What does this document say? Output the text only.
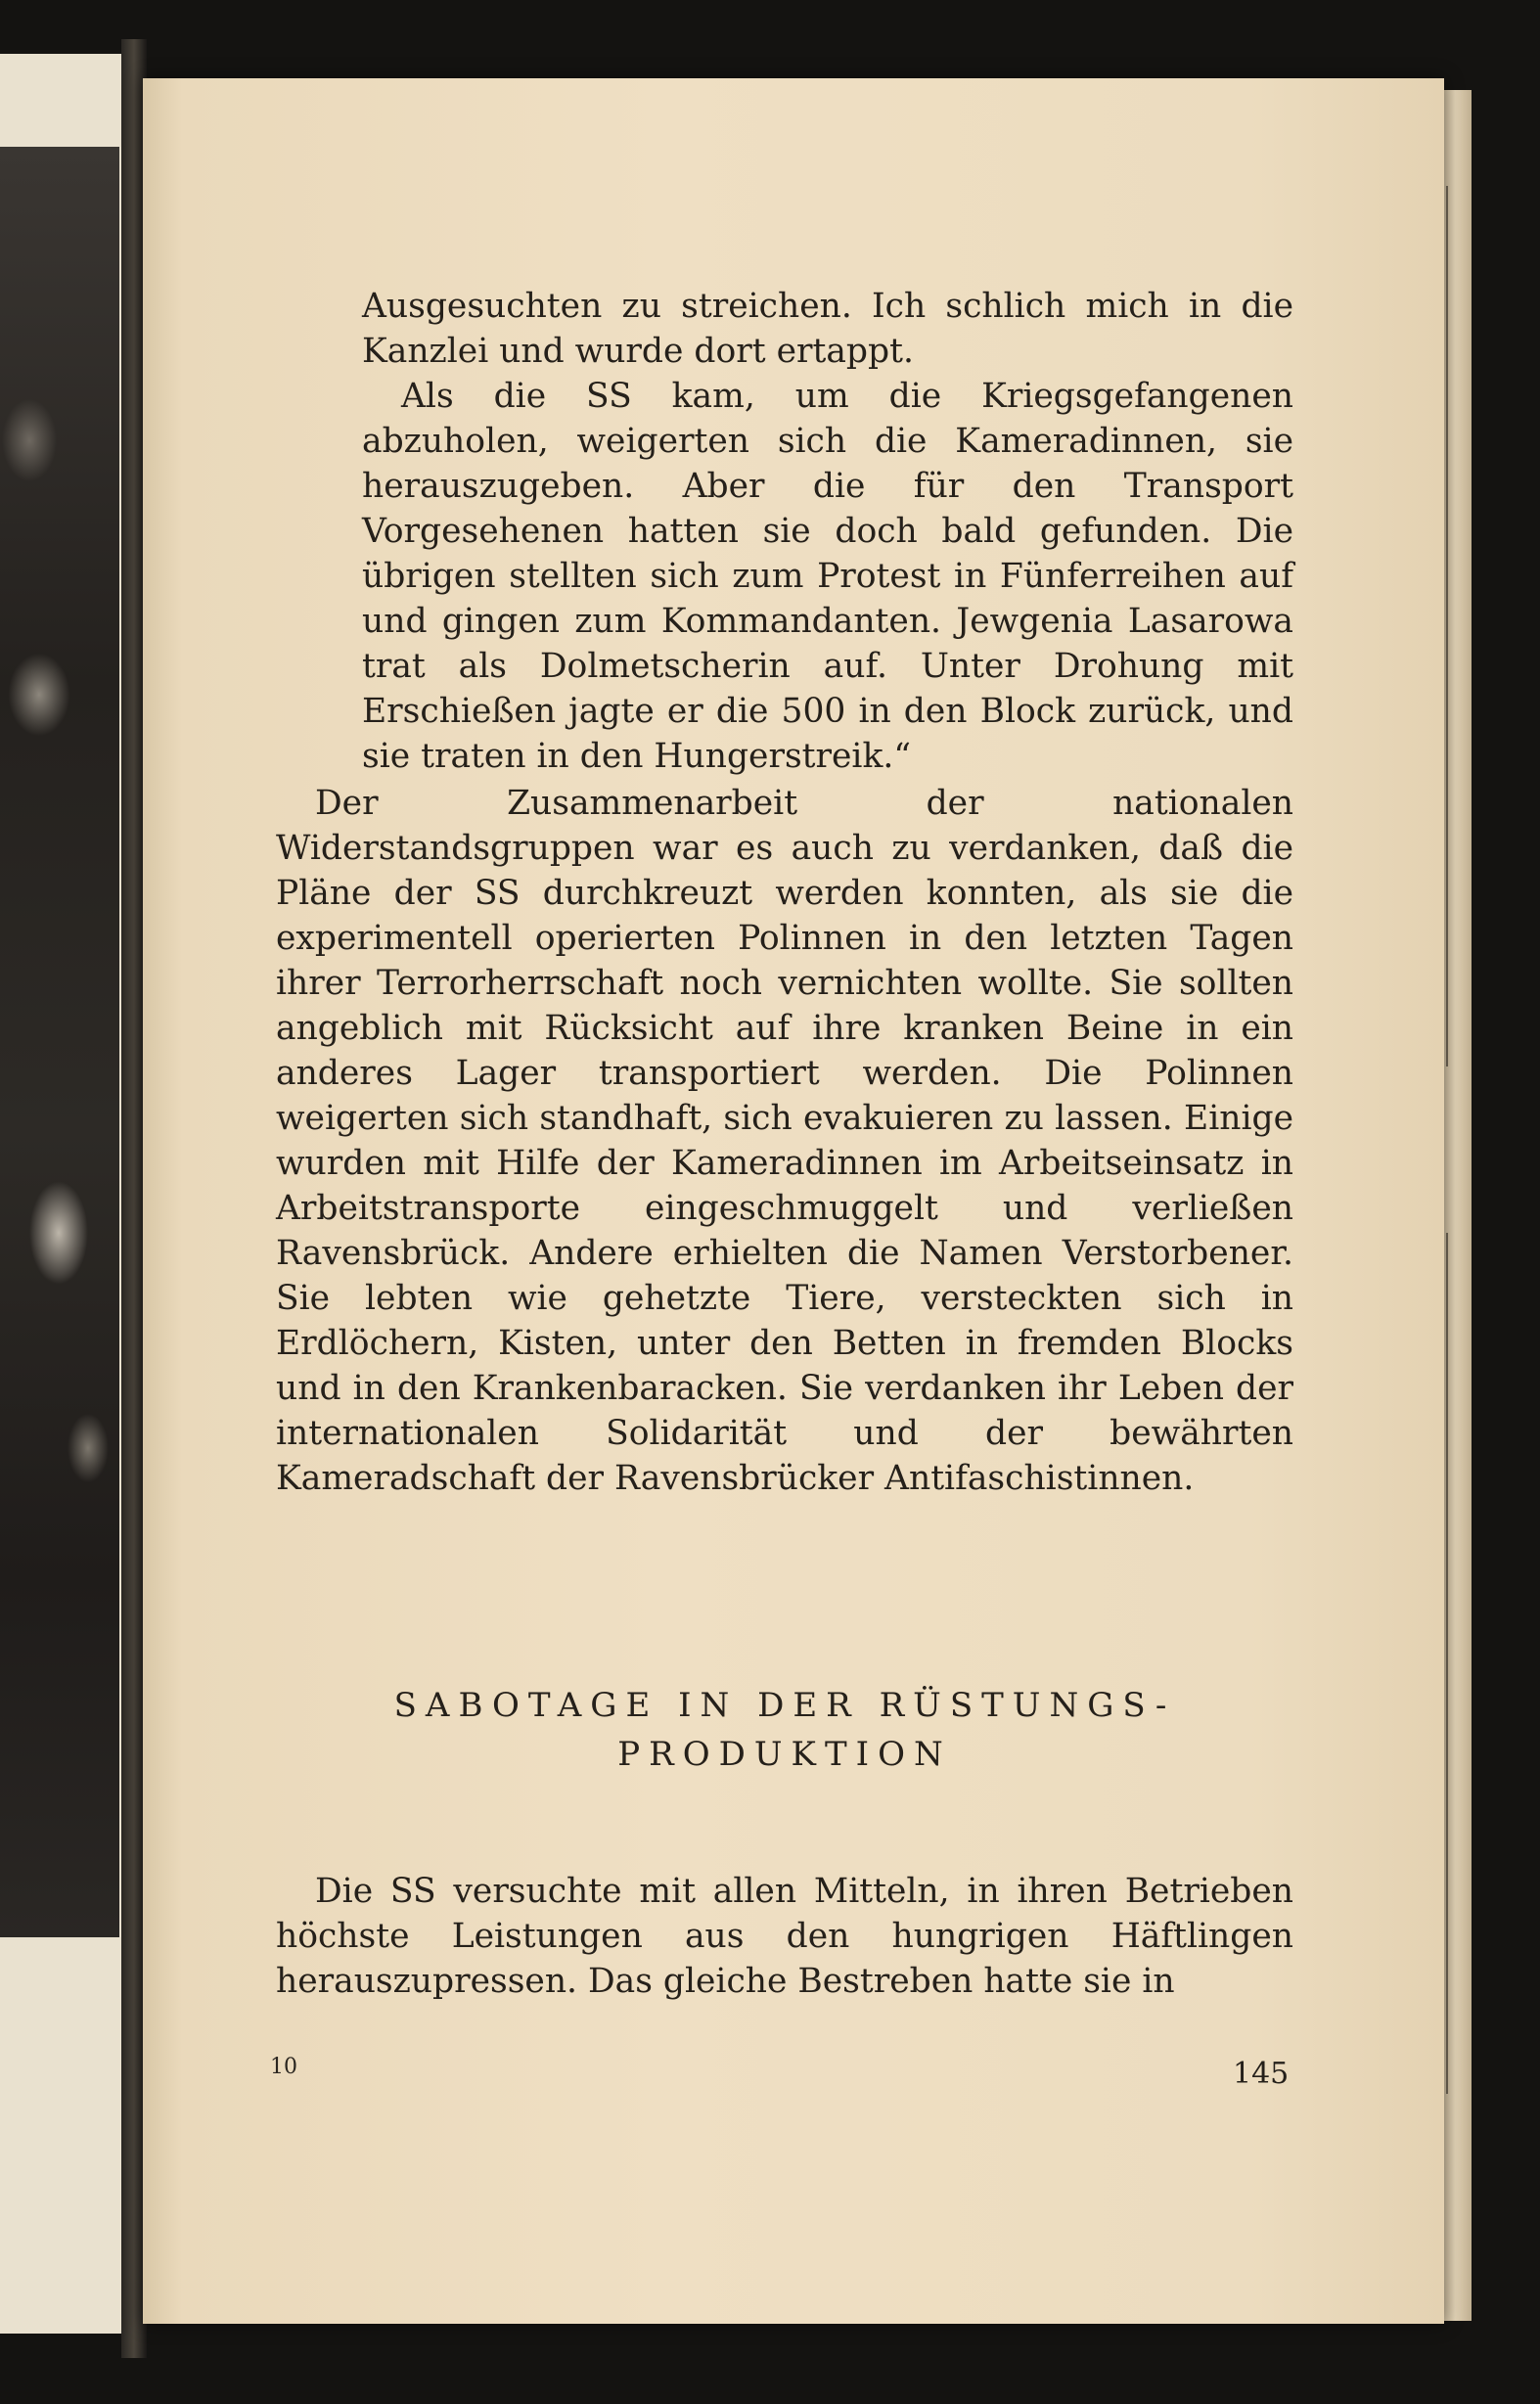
Ausgesuchten zu streichen. Ich schlich mich in die Kanzlei und wurde dort ertappt.

Als die SS kam, um die Kriegsgefangenen abzuholen, weigerten sich die Kameradinnen, sie herauszugeben. Aber die für den Transport Vorgesehenen hatten sie doch bald gefunden. Die übrigen stellten sich zum Protest in Fünferreihen auf und gingen zum Kommandanten. Jewgenia Lasarowa trat als Dolmetscherin auf. Unter Drohung mit Erschießen jagte er die 500 in den Block zurück, und sie traten in den Hungerstreik.“

Der Zusammenarbeit der nationalen Widerstandsgruppen war es auch zu verdanken, daß die Pläne der SS durchkreuzt werden konnten, als sie die experimentell operierten Polinnen in den letzten Tagen ihrer Terrorherrschaft noch vernichten wollte. Sie sollten angeblich mit Rücksicht auf ihre kranken Beine in ein anderes Lager transportiert werden. Die Polinnen weigerten sich standhaft, sich evakuieren zu lassen. Einige wurden mit Hilfe der Kameradinnen im Arbeitseinsatz in Arbeitstransporte eingeschmuggelt und verließen Ravensbrück. Andere erhielten die Namen Verstorbener. Sie lebten wie gehetzte Tiere, versteckten sich in Erdlöchern, Kisten, unter den Betten in fremden Blocks und in den Krankenbaracken. Sie verdanken ihr Leben der internationalen Solidarität und der bewährten Kameradschaft der Ravensbrücker Antifaschistinnen.

SABOTAGE IN DER RÜSTUNGS-
PRODUKTION

Die SS versuchte mit allen Mitteln, in ihren Betrieben höchste Leistungen aus den hungrigen Häftlingen herauszupressen. Das gleiche Bestreben hatte sie in

10	145
